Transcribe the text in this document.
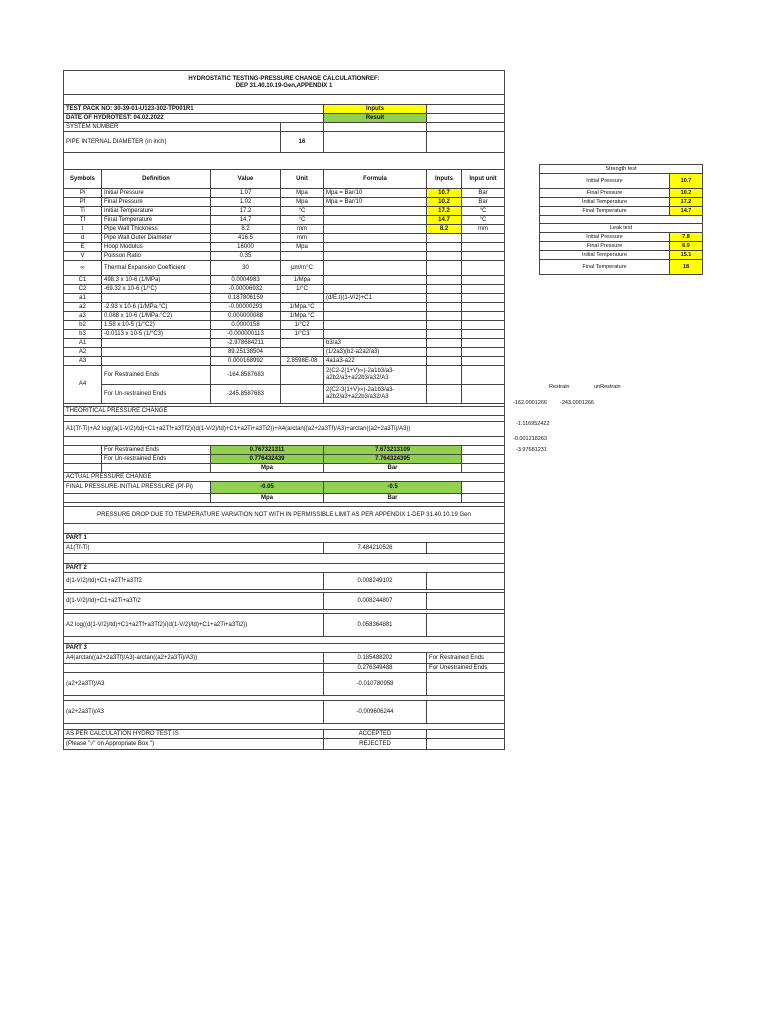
HYDROSTATIC TESTING-PRESSURE CHANGE CALCULATIONREF:
DEP 31.40.10.19-Gen,APPENDIX 1						

TEST PACK NO: 30-39-01-U123-302-TP001R1				Inputs		
DATE OF HYDROTEST: 04.02.2022				Result		
SYSTEM NUMBER						
PIPE INTERNAL DIAMETER (in inch)			16			

Symbols	Definition	Value	Unit	Formula	Inputs	Input unit
Pi	Initial Pressure	1.07	Mpa	Mpa = Bar/10	10.7	Bar
Pf	Final Pressure	1.02	Mpa	Mpa = Bar/10	10.2	Bar
Ti	Initial Temperature	17.2	°C		17.2	°C
Tf	Final Temperature	14.7	°C		14.7	°C
t	Pipe Wall Thickness	8.2	mm		8.2	mm
d	Pipe Wall Outer Diameter	416.5	mm			
E	Hoop Modulus	16000	Mpa			
V	Poisson Ratio	0.35				
∞	Thermal Expansion Coefficient	30	μm/m°C			
C1	498.3 x 10-6 (1/MPa)	0.0004983	1/Mpa			
C2	-69.32 x 10-6 (1/°C)	-0.00006932	1/°C			
a1		0.187806159		(d/E.t)(1-V/2)+C1		
a2	-2.93 x 10-6 (1/MPa.°C)	-0.00000293	1/Mpa.°C			
a3	0.088 x 10-6 (1/MPa.°C2)	0.000000088	1/Mpa.°C			
b2	1.58 x 10-5 (1/°C2)	0.0000158	1/°C2			
b3	-0.0113 x 10-5 (1/°C3)	-0.000000113	1/°C3			
A1		-2.978684211		b3/a3		
A2		89.25138504		(1/2a3)(b2-a2a2/a3)		
A3		0.000168992	2.8598E-08	4a1a3-a22		
A4	For Restrained Ends	-164.8587683		2(C2-2(1+V)∞)-2a1b3/a3-a2b2/a3+a22b3/a32/A3		
	For Un-restrained Ends	-245.8587683		2(C2-3(1+V)∞)-2a1b3/a3-a2b2/a3+a22b3/a32/A3		

THEORITICAL PRESSURE CHANGE						

A1(Tf-Ti)+A2 log((a(1-V/2)/td)+C1+a2Tf+a3Tf2)/(d(1-V/2)/td)+C1+a2Ti+a3Ti2))+A4(arctan((a2+2a3Tf)/A3)+arctan((a2+2a3Ti)/A3))						

	For Restrained Ends	0.767321311		7.673213109		
	For Un-restrained Ends	0.776432439		7.764324395		
		Mpa		Bar		
ACTUAL PRESSURE CHANGE						
FINAL PRESSURE-INITIAL PRESSURE (Pf-Pi)		-0.05		-0.5		
		Mpa		Bar		

PRESSURE DROP DUE TO TEMPERATURE VARIATION NOT WITH IN PERMISSIBLE LIMIT AS PER APPENDIX 1-DEP 31.40.10.19 Gen						

PART 1						
A1(Tf-Ti)				7.484210526		

PART 2						
d(1-V/2)/td)+C1+a2Tf+a3Tf2				0.008249102		

d(1-V/2)/td)+C1+a2Ti+a3Ti2				0.008244807		

A2 log((d(1-V/2)/td)+C1+a2Tf+a3Tf2)/(d(1-V/2)/td)+C1+a2Ti+a3Ti2))				0.058364881		

PART 3						
A4(arctan((a2+2a3Tf)/A3)-arctan((a2+2a3Ti)/A3))				0.185488202	For Restrained Ends	
				0.276349488	For Unestrained Ends	
(a2+2a3Tf)/A3				-0.010780958		

(a2+2a3Ti)/A3				-0.009606244		

AS PER CALCULATION HYDRO TEST IS				ACCEPTED		
(Please "√" on Appropriate Box ")				REJECTED		
Strength test	
Initial Pressure	10.7
Final Pressure	10.2
Initial Temperature	17.2
Final Temperature	14.7

Leak test	
Initial Pressure	7.8
Final Pressure	6.9
Initial Temperature	15.1
Final Temperature	18
Restrain	unRestrain
-162.0001266 -243.0001266
-1.116952422
-0.001218263
-3.97681231
